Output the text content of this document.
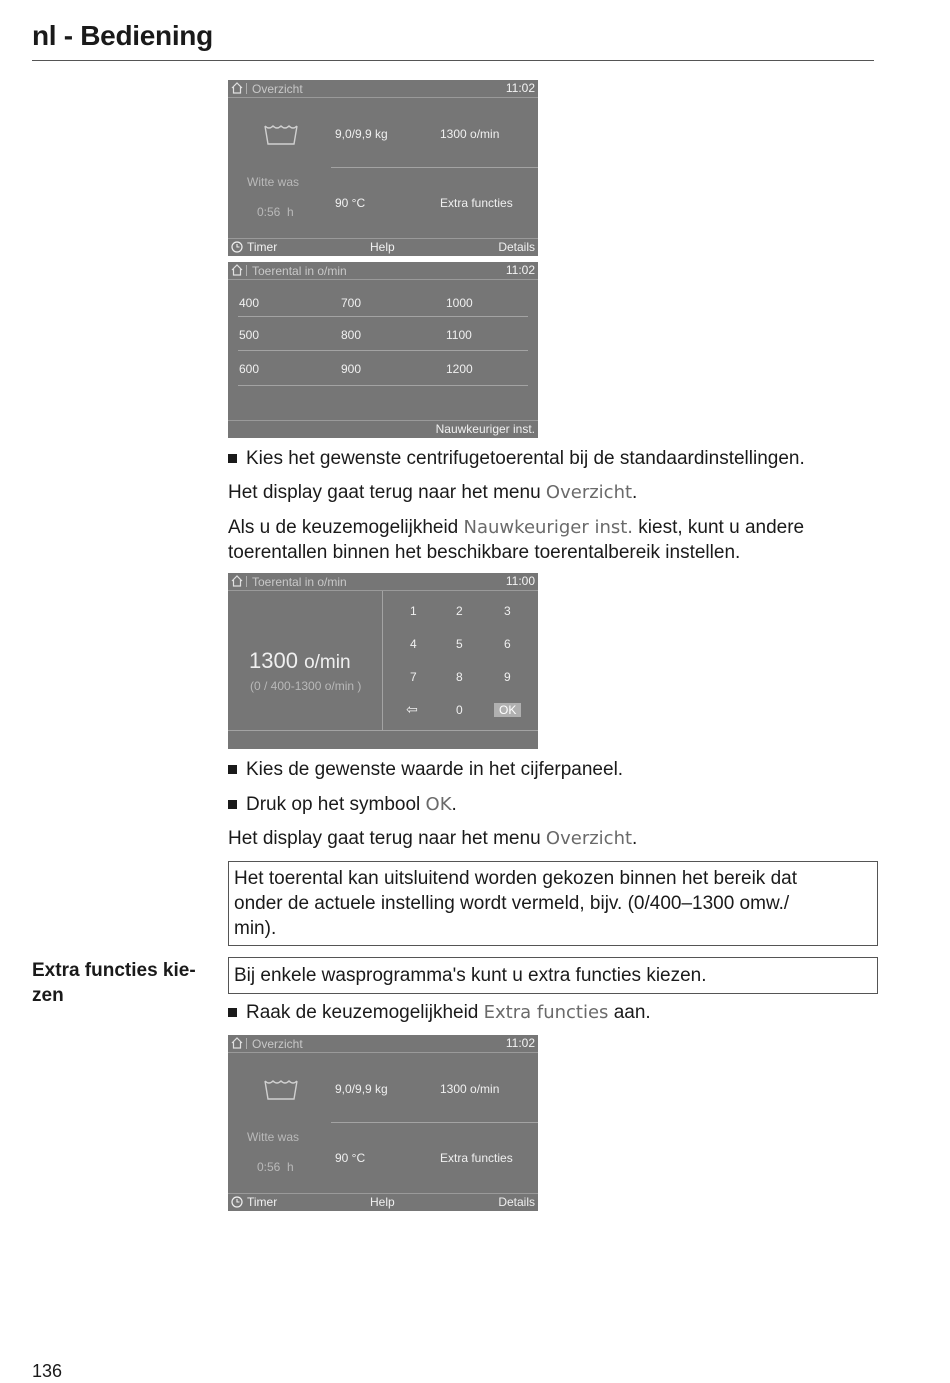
nl - Bediening
Overzicht	11:02
Witte was
0:56  h
9,0/9,9 kg	1300 o/min
90 °C	Extra functies
Timer	Help	Details
Toerental in o/min	11:02
400	700	1000
500	800	1100
600	900	1200
Nauwkeuriger inst.
Kies het gewenste centrifugetoerental bij de standaardinstellingen.
Het display gaat terug naar het menu Overzicht.
Als u de keuzemogelijkheid Nauwkeuriger inst. kiest, kunt u andere
toerentallen binnen het beschikbare toerentalbereik instellen.
Toerental in o/min	11:00
1300 o/min
(0 / 400-1300 o/min )
1	2	3
4	5	6
7	8	9
⇦	0	OK
Kies de gewenste waarde in het cijferpaneel.
Druk op het symbool OK.
Het display gaat terug naar het menu Overzicht.
Het toerental kan uitsluitend worden gekozen binnen het bereik dat
onder de actuele instelling wordt vermeld, bijv. (0/400–1300 omw./
min).
Extra functies kie-
zen
Bij enkele wasprogramma's kunt u extra functies kiezen.
Raak de keuzemogelijkheid Extra functies aan.
Overzicht	11:02
Witte was
0:56  h
9,0/9,9 kg	1300 o/min
90 °C	Extra functies
Timer	Help	Details
136
